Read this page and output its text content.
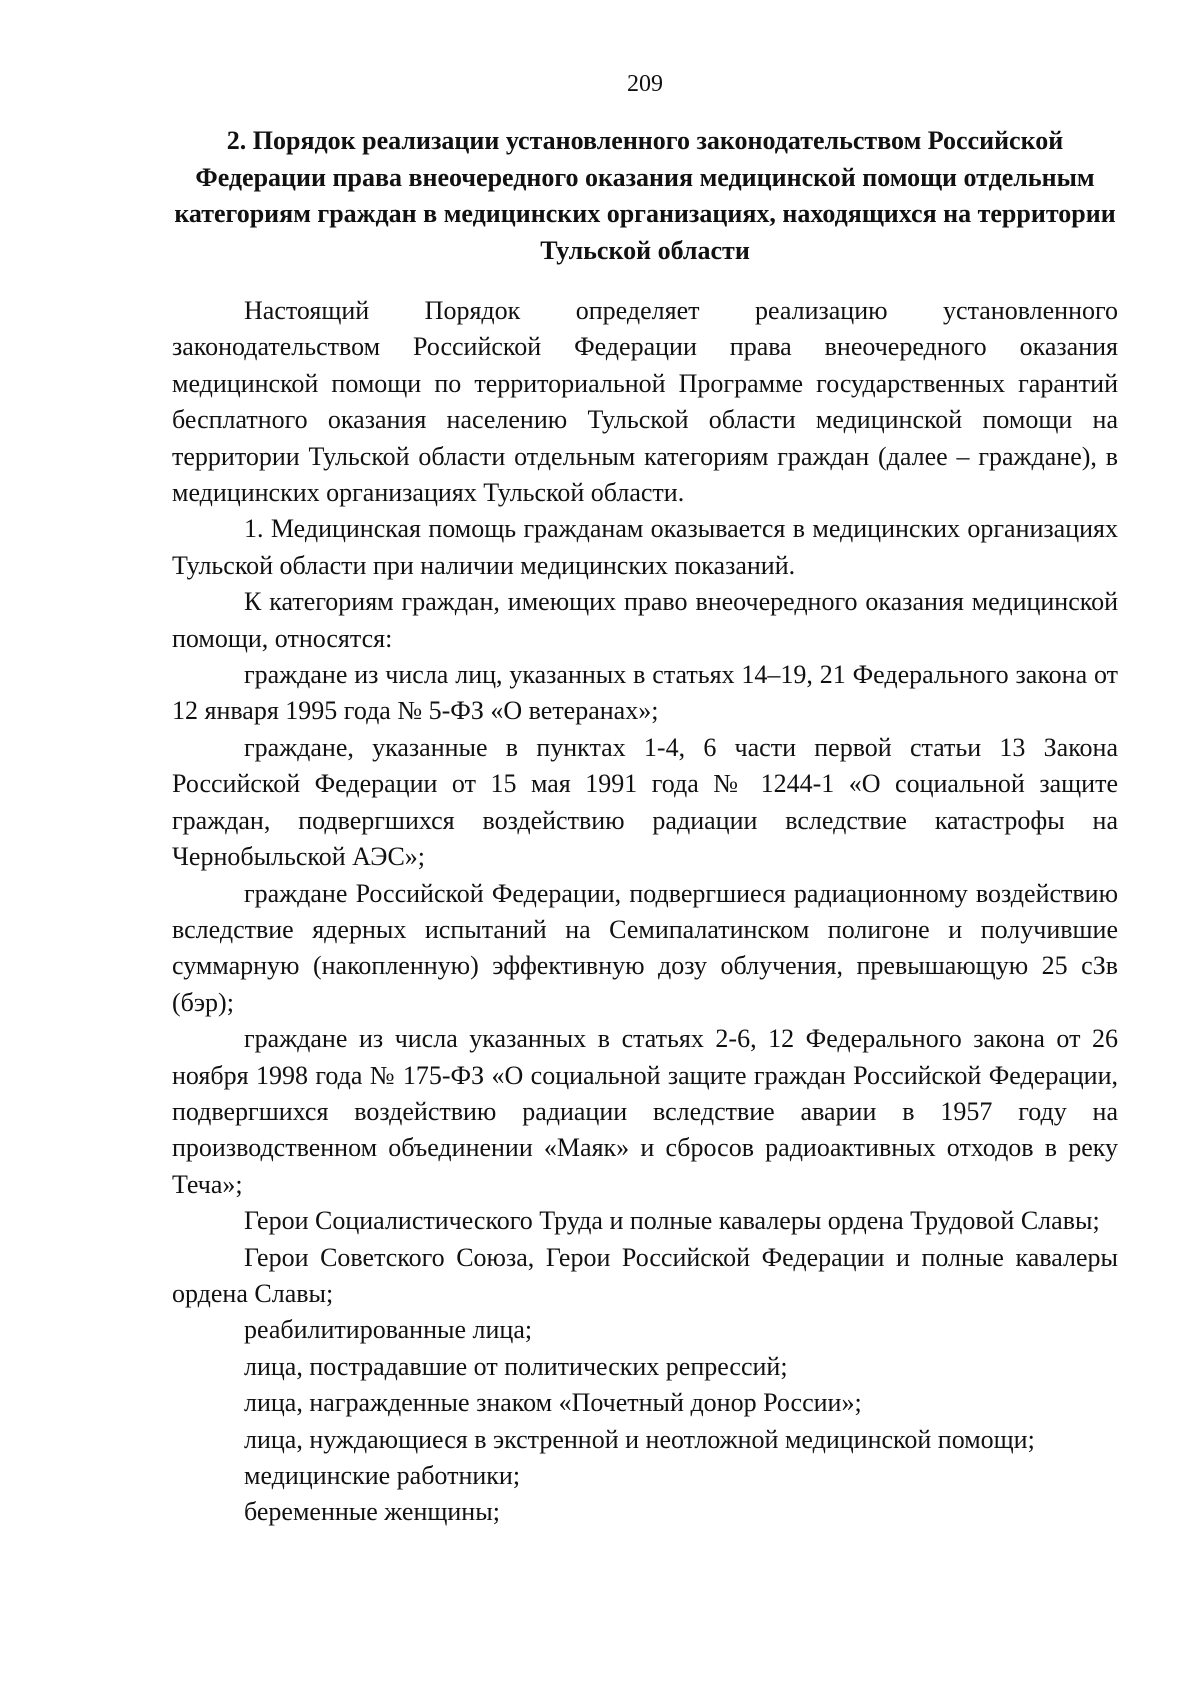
209
2. Порядок реализации установленного законодательством Российской Федерации права внеочередного оказания медицинской помощи отдельным категориям граждан в медицинских организациях, находящихся на территории Тульской области

Настоящий Порядок определяет реализацию установленного законодательством Российской Федерации права внеочередного оказания медицинской помощи по территориальной Программе государственных гарантий бесплатного оказания населению Тульской области медицинской помощи на территории Тульской области отдельным категориям граждан (далее – граждане), в медицинских организациях Тульской области.

1. Медицинская помощь гражданам оказывается в медицинских организациях Тульской области при наличии медицинских показаний.

К категориям граждан, имеющих право внеочередного оказания медицинской помощи, относятся:

граждане из числа лиц, указанных в статьях 14–19, 21 Федерального закона от 12 января 1995 года № 5-ФЗ «О ветеранах»;

граждане, указанные в пунктах 1-4, 6 части первой статьи 13 Закона Российской Федерации от 15 мая 1991 года № 1244-1 «О социальной защите граждан, подвергшихся воздействию радиации вследствие катастрофы на Чернобыльской АЭС»;

граждане Российской Федерации, подвергшиеся радиационному воздействию вследствие ядерных испытаний на Семипалатинском полигоне и получившие суммарную (накопленную) эффективную дозу облучения, превышающую 25 сЗв (бэр);

граждане из числа указанных в статьях 2-6, 12 Федерального закона от 26 ноября 1998 года № 175-ФЗ «О социальной защите граждан Российской Федерации, подвергшихся воздействию радиации вследствие аварии в 1957 году на производственном объединении «Маяк» и сбросов радиоактивных отходов в реку Теча»;

Герои Социалистического Труда и полные кавалеры ордена Трудовой Славы;

Герои Советского Союза, Герои Российской Федерации и полные кавалеры ордена Славы;

реабилитированные лица;

лица, пострадавшие от политических репрессий;

лица, награжденные знаком «Почетный донор России»;

лица, нуждающиеся в экстренной и неотложной медицинской помощи;

медицинские работники;

беременные женщины;
